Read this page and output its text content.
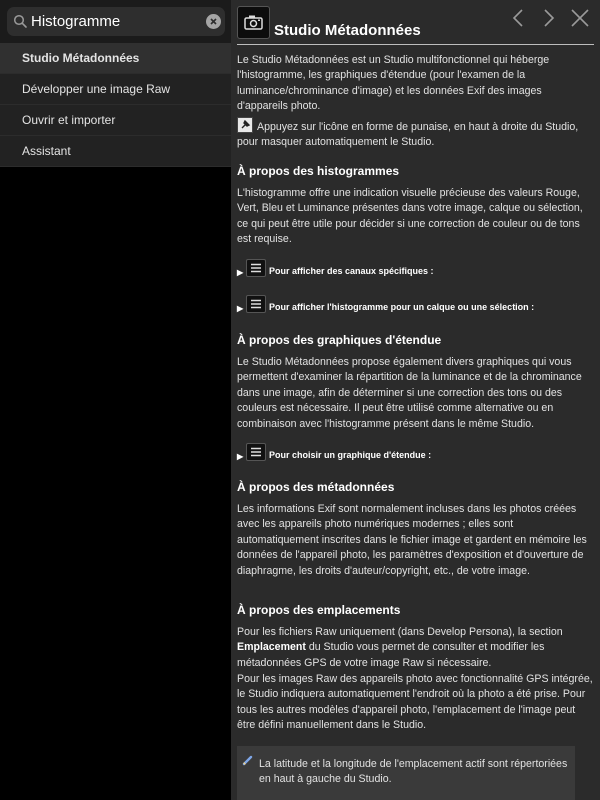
Histogramme
Studio Métadonnées
Développer une image Raw
Ouvrir et importer
Assistant
Studio Métadonnées
Le Studio Métadonnées est un Studio multifonctionnel qui héberge l'histogramme, les graphiques d'étendue (pour l'examen de la luminance/chrominance d'image) et les données Exif des images d'appareils photo.
Appuyez sur l'icône en forme de punaise, en haut à droite du Studio, pour masquer automatiquement le Studio.
À propos des histogrammes
L'histogramme offre une indication visuelle précieuse des valeurs Rouge, Vert, Bleu et Luminance présentes dans votre image, calque ou sélection, ce qui peut être utile pour décider si une correction de couleur ou de tons est requise.
▶	Pour afficher des canaux spécifiques :
▶	Pour afficher l'histogramme pour un calque ou une sélection :
À propos des graphiques d'étendue
Le Studio Métadonnées propose également divers graphiques qui vous permettent d'examiner la répartition de la luminance et de la chrominance dans une image, afin de déterminer si une correction des tons ou des couleurs est nécessaire. Il peut être utilisé comme alternative ou en combinaison avec l'histogramme présent dans le même Studio.
▶	Pour choisir un graphique d'étendue :
À propos des métadonnées
Les informations Exif sont normalement incluses dans les photos créées avec les appareils photo numériques modernes ; elles sont automatiquement inscrites dans le fichier image et gardent en mémoire les données de l'appareil photo, les paramètres d'exposition et d'ouverture de diaphragme, les droits d'auteur/copyright, etc., de votre image.
À propos des emplacements
Pour les fichiers Raw uniquement (dans Develop Persona), la section Emplacement du Studio vous permet de consulter et modifier les métadonnées GPS de votre image Raw si nécessaire.
Pour les images Raw des appareils photo avec fonctionnalité GPS intégrée, le Studio indiquera automatiquement l'endroit où la photo a été prise. Pour tous les autres modèles d'appareil photo, l'emplacement de l'image peut être défini manuellement dans le Studio.
La latitude et la longitude de l'emplacement actif sont répertoriées en haut à gauche du Studio.
